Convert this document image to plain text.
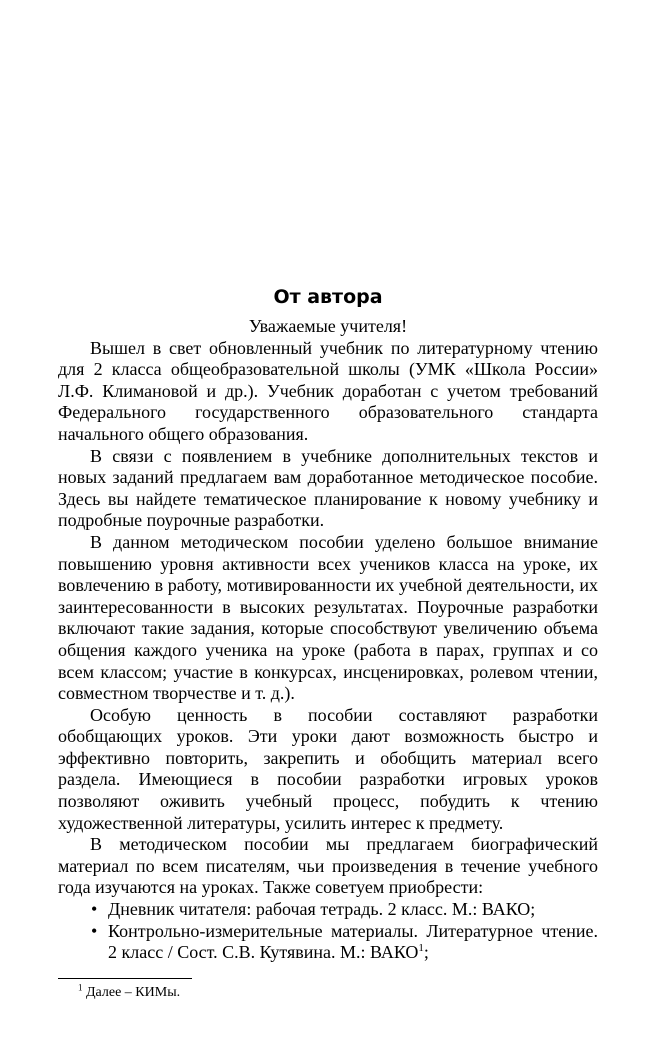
От автора

Уважаемые учителя!

Вышел в свет обновленный учебник по литературному чтению для 2 класса общеобразовательной школы (УМК «Школа России» Л.Ф. Климановой и др.). Учебник доработан с учетом требований Федерального государственного образовательного стандарта начального общего образования.

В связи с появлением в учебнике дополнительных текстов и новых заданий предлагаем вам доработанное методическое пособие. Здесь вы найдете тематическое планирование к новому учебнику и подробные поурочные разработки.

В данном методическом пособии уделено большое внимание повышению уровня активности всех учеников класса на уроке, их вовлечению в работу, мотивированности их учебной деятельности, их заинтересованности в высоких результатах. Поурочные разработки включают такие задания, которые способствуют увеличению объема общения каждого ученика на уроке (работа в парах, группах и со всем классом; участие в конкурсах, инсценировках, ролевом чтении, совместном творчестве и т. д.).

Особую ценность в пособии составляют разработки обобщающих уроков. Эти уроки дают возможность быстро и эффективно повторить, закрепить и обобщить материал всего раздела. Имеющиеся в пособии разработки игровых уроков позволяют оживить учебный процесс, побудить к чтению художественной литературы, усилить интерес к предмету.

В методическом пособии мы предлагаем биографический материал по всем писателям, чьи произведения в течение учебного года изучаются на уроках. Также советуем приобрести:

• Дневник читателя: рабочая тетрадь. 2 класс. М.: ВАКО;
• Контрольно-измерительные материалы. Литературное чтение. 2 класс / Сост. С.В. Кутявина. М.: ВАКО$^1$;
$^1$ Далее – КИМы.
